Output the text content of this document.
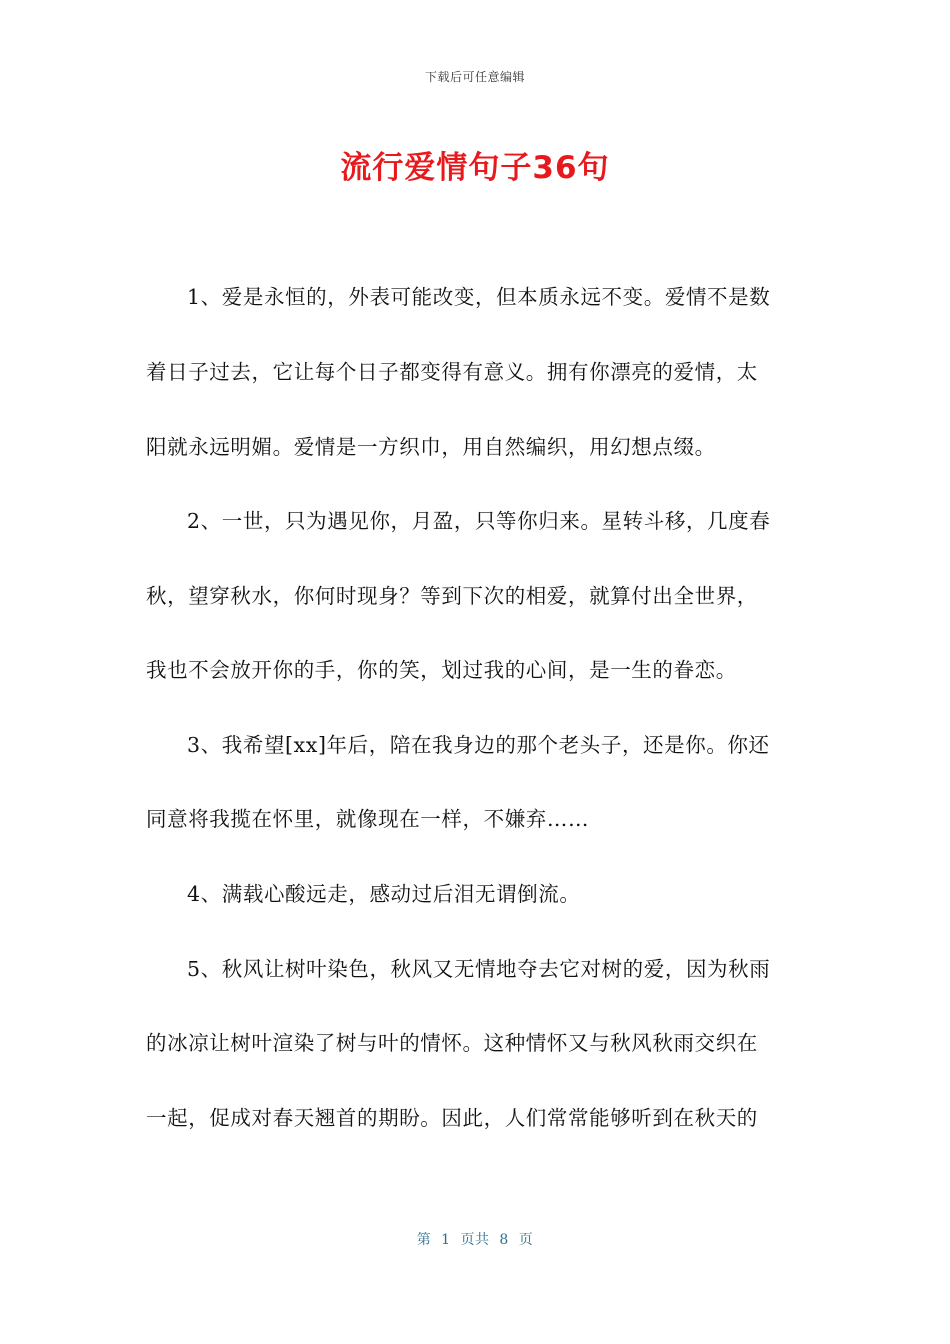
下载后可任意编辑
流行爱情句子36句
1、爱是永恒的，外表可能改变，但本质永远不变。爱情不是数
着日子过去，它让每个日子都变得有意义。拥有你漂亮的爱情，太
阳就永远明媚。爱情是一方织巾，用自然编织，用幻想点缀。
2、一世，只为遇见你，月盈，只等你归来。星转斗移，几度春
秋，望穿秋水，你何时现身？等到下次的相爱，就算付出全世界，
我也不会放开你的手，你的笑，划过我的心间，是一生的眷恋。
3、我希望[xx]年后，陪在我身边的那个老头子，还是你。你还
同意将我揽在怀里，就像现在一样，不嫌弃……
4、满载心酸远走，感动过后泪无谓倒流。
5、秋风让树叶染色，秋风又无情地夺去它对树的爱，因为秋雨
的冰凉让树叶渲染了树与叶的情怀。这种情怀又与秋风秋雨交织在
一起，促成对春天翘首的期盼。因此，人们常常能够听到在秋天的
第  1  页共  8  页
